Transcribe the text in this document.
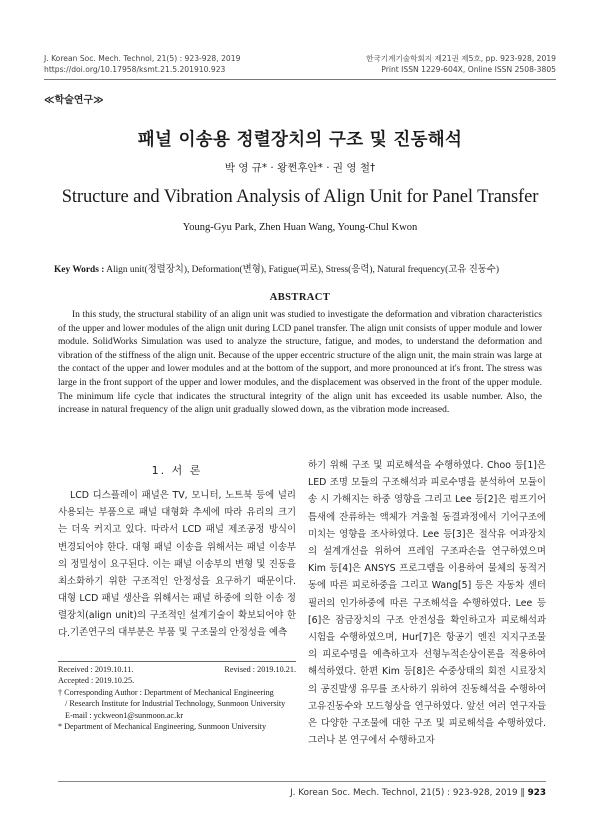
J. Korean Soc. Mech. Technol, 21(5) : 923-928, 2019
https://doi.org/10.17958/ksmt.21.5.201910.923
한국기계기술학회지 제21권 제5호, pp. 923-928, 2019
Print ISSN 1229-604X, Online ISSN 2508-3805
≪학술연구≫
패널 이송용 정렬장치의 구조 및 진동해석
박 영 규* · 왕쩐후안* · 권 영 철†
Structure and Vibration Analysis of Align Unit for Panel Transfer
Young-Gyu Park, Zhen Huan Wang, Young-Chul Kwon
Key Words : Align unit(정렬장치), Deformation(변형), Fatigue(피로), Stress(응력), Natural frequency(고유 진동수)
ABSTRACT
In this study, the structural stability of an align unit was studied to investigate the deformation and vibration characteristics of the upper and lower modules of the align unit during LCD panel transfer. The align unit consists of upper module and lower module. SolidWorks Simulation was used to analyze the structure, fatigue, and modes, to understand the deformation and vibration of the stiffness of the align unit. Because of the upper eccentric structure of the align unit, the main strain was large at the contact of the upper and lower modules and at the bottom of the support, and more pronounced at it's front. The stress was large in the front support of the upper and lower modules, and the displacement was observed in the front of the upper module. The minimum life cycle that indicates the structural integrity of the align unit has exceeded its usable number. Also, the increase in natural frequency of the align unit gradually slowed down, as the vibration mode increased.
1. 서 론
LCD 디스플레이 패널은 TV, 모니터, 노트북 등에 널리 사용되는 부품으로 패널 대형화 추세에 따라 유리의 크기는 더욱 커지고 있다. 따라서 LCD 패널 제조공정 방식이 변경되어야 한다. 대형 패널 이송을 위해서는 패널 이송부의 정밀성이 요구된다. 이는 패널 이송부의 변형 및 진동을 최소화하기 위한 구조적인 안정성을 요구하기 때문이다. 대형 LCD 패널 생산을 위해서는 패널 하중에 의한 이송 정렬장치(align unit)의 구조적인 설계기술이 확보되어야 한다. 기존연구의 대부분은 부품 및 구조물의 안정성을 예측
Received : 2019.10.11.	Revised : 2019.10.21.
Accepted : 2019.10.25.
† Corresponding Author : Department of Mechanical Engineering
/ Research Institute for Industrial Technology, Sunmoon University
E-mail : yckweon1@sunmoon.ac.kr
* Department of Mechanical Engineering, Sunmoon University
하기 위해 구조 및 피로해석을 수행하였다. Choo 등[1]은 LED 조명 모듈의 구조해석과 피로수명을 분석하여 모듈이송 시 가해지는 하중 영향을 그리고 Lee 등[2]은 펌프기어 틈새에 잔류하는 액체가 겨울철 동결과정에서 기어구조에 미치는 영향을 조사하였다. Lee 등[3]은 절삭유 여과장치의 설계개선을 위하여 프레임 구조파손을 연구하였으며 Kim 등[4]은 ANSYS 프로그램을 이용하여 물체의 동적거동에 따른 피로하중을 그리고 Wang[5] 등은 자동차 센터필러의 인가하중에 따른 구조해석을 수행하였다. Lee 등[6]은 잠금장치의 구조 안전성을 확인하고자 피로해석과 시험을 수행하였으며, Hur[7]은 항공기 엔진 지지구조물의 피로수명을 예측하고자 선형누적손상이론을 적용하여 해석하였다. 한편 Kim 등[8]은 수중상태의 회전 시료장치의 공진발생 유무를 조사하기 위하여 진동해석을 수행하여 고유진동수와 모드형상을 연구하였다. 앞선 여러 연구자들은 다양한 구조물에 대한 구조 및 피로해석을 수행하였다. 그러나 본 연구에서 수행하고자
J. Korean Soc. Mech. Technol, 21(5) : 923-928, 2019 ‖ 923
